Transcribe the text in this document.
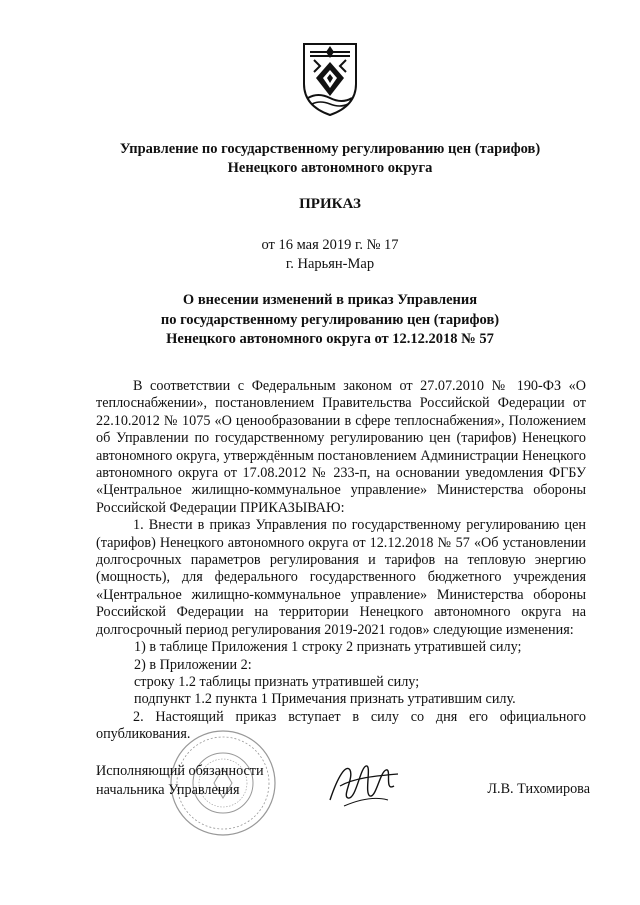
Управление по государственному регулированию цен (тарифов)
Ненецкого автономного округа
ПРИКАЗ
от 16 мая 2019 г. № 17
г. Нарьян-Мар
О внесении изменений в приказ Управления
по государственному регулированию цен (тарифов)
Ненецкого автономного округа от 12.12.2018 № 57

В соответствии с Федеральным законом от 27.07.2010 № 190-ФЗ «О теплоснабжении», постановлением Правительства Российской Федерации от 22.10.2012 № 1075 «О ценообразовании в сфере теплоснабжения», Положением об Управлении по государственному регулированию цен (тарифов) Ненецкого автономного округа, утверждённым постановлением Администрации Ненецкого автономного округа от 17.08.2012 № 233-п, на основании уведомления ФГБУ «Центральное жилищно-коммунальное управление» Министерства обороны Российской Федерации ПРИКАЗЫВАЮ:

1. Внести в приказ Управления по государственному регулированию цен (тарифов) Ненецкого автономного округа от 12.12.2018 № 57 «Об установлении долгосрочных параметров регулирования и тарифов на тепловую энергию (мощность), для федерального государственного бюджетного учреждения «Центральное жилищно-коммунальное управление» Министерства обороны Российской Федерации на территории Ненецкого автономного округа на долгосрочный период регулирования 2019-2021 годов» следующие изменения:

1) в таблице Приложения 1 строку 2 признать утратившей силу;

2) в Приложении 2:

строку 1.2 таблицы признать утратившей силу;

подпункт 1.2 пункта 1 Примечания признать утратившим силу.

2. Настоящий приказ вступает в силу со дня его официального опубликования.

Исполняющий обязанности
начальника Управления	Л.В. Тихомирова
